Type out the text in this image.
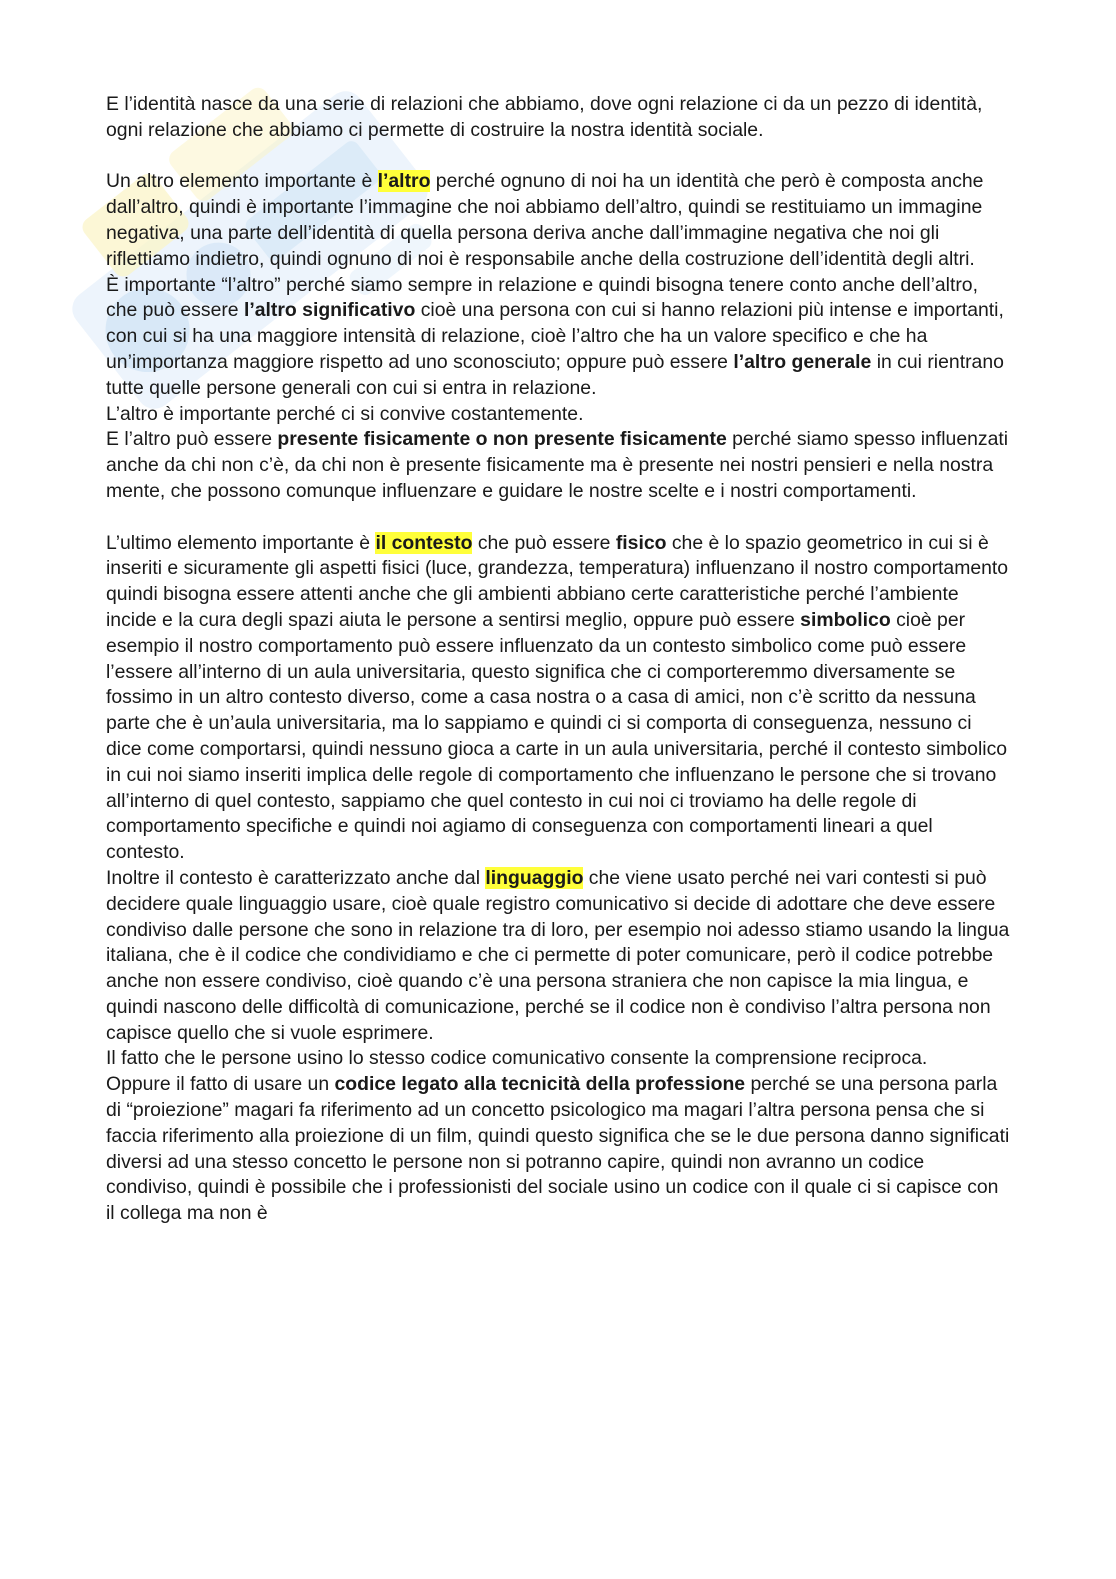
E l’identità nasce da una serie di relazioni che abbiamo, dove ogni relazione ci da un pezzo di identità, ogni relazione che abbiamo ci permette di costruire la nostra identità sociale.

Un altro elemento importante è l’altro perché ognuno di noi ha un identità che però è composta anche dall’altro, quindi è importante l’immagine che noi abbiamo dell’altro, quindi se restituiamo un immagine negativa, una parte dell’identità di quella persona deriva anche dall’immagine negativa che noi gli riflettiamo indietro, quindi ognuno di noi è responsabile anche della costruzione dell’identità degli altri.

È importante “l’altro” perché siamo sempre in relazione e quindi bisogna tenere conto anche dell’altro, che può essere l’altro significativo cioè una persona con cui si hanno relazioni più intense e importanti, con cui si ha una maggiore intensità di relazione, cioè l’altro che ha un valore specifico e che ha un’importanza maggiore rispetto ad uno sconosciuto; oppure può essere l’altro generale in cui rientrano tutte quelle persone generali con cui si entra in relazione.

L’altro è importante perché ci si convive costantemente.

E l’altro può essere presente fisicamente o non presente fisicamente perché siamo spesso influenzati anche da chi non c’è, da chi non è presente fisicamente ma è presente nei nostri pensieri e nella nostra mente, che possono comunque influenzare e guidare le nostre scelte e i nostri comportamenti.

L’ultimo elemento importante è il contesto che può essere fisico che è lo spazio geometrico in cui si è inseriti e sicuramente gli aspetti fisici (luce, grandezza, temperatura) influenzano il nostro comportamento quindi bisogna essere attenti anche che gli ambienti abbiano certe caratteristiche perché l’ambiente incide e la cura degli spazi aiuta le persone a sentirsi meglio, oppure può essere simbolico cioè per esempio il nostro comportamento può essere influenzato da un contesto simbolico come può essere l’essere all’interno di un aula universitaria, questo significa che ci comporteremmo diversamente se fossimo in un altro contesto diverso, come a casa nostra o a casa di amici, non c’è scritto da nessuna parte che è un’aula universitaria, ma lo sappiamo e quindi ci si comporta di conseguenza, nessuno ci dice come comportarsi, quindi nessuno gioca a carte in un aula universitaria, perché il contesto simbolico in cui noi siamo inseriti implica delle regole di comportamento che influenzano le persone che si trovano all’interno di quel contesto, sappiamo che quel contesto in cui noi ci troviamo ha delle regole di comportamento specifiche e quindi noi agiamo di conseguenza con comportamenti lineari a quel contesto.

Inoltre il contesto è caratterizzato anche dal linguaggio che viene usato perché nei vari contesti si può decidere quale linguaggio usare, cioè quale registro comunicativo si decide di adottare che deve essere condiviso dalle persone che sono in relazione tra di loro, per esempio noi adesso stiamo usando la lingua italiana, che è il codice che condividiamo e che ci permette di poter comunicare, però il codice potrebbe anche non essere condiviso, cioè quando c’è una persona straniera che non capisce la mia lingua, e quindi nascono delle difficoltà di comunicazione, perché se il codice non è condiviso l’altra persona non capisce quello che si vuole esprimere.

Il fatto che le persone usino lo stesso codice comunicativo consente la comprensione reciproca.

Oppure il fatto di usare un codice legato alla tecnicità della professione perché se una persona parla di “proiezione” magari fa riferimento ad un concetto psicologico ma magari l’altra persona pensa che si faccia riferimento alla proiezione di un film, quindi questo significa che se le due persona danno significati diversi ad una stesso concetto le persone non si potranno capire, quindi non avranno un codice condiviso, quindi è possibile che i professionisti del sociale usino un codice con il quale ci si capisce con il collega ma non è
